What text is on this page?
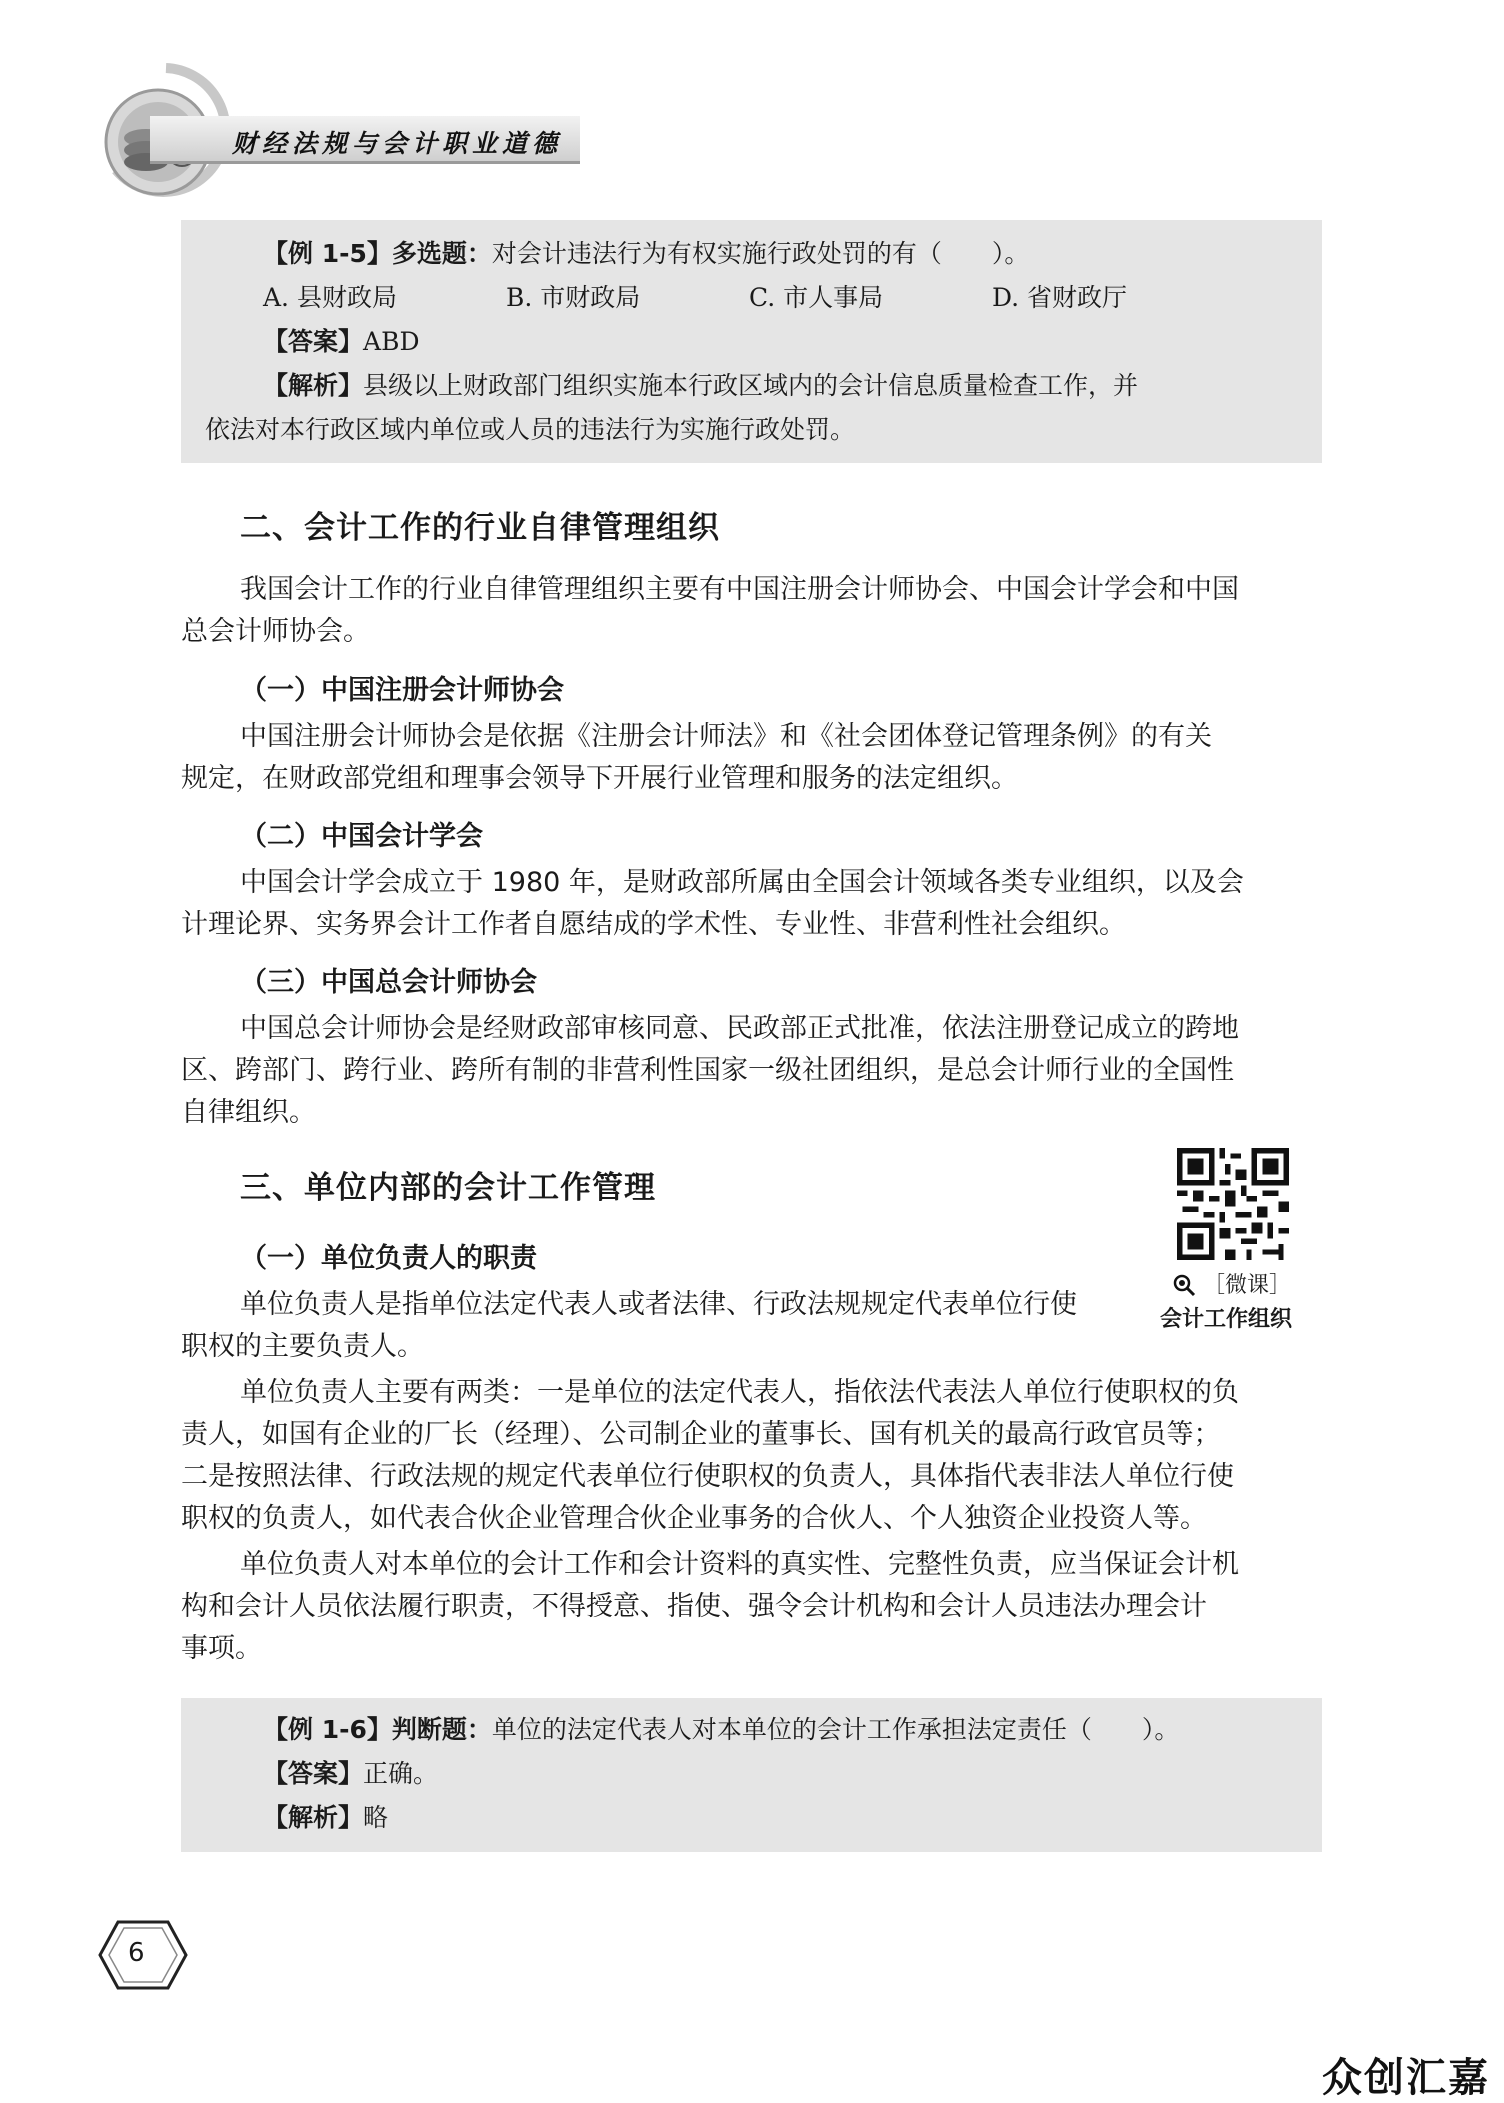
财经法规与会计职业道德
【例 1-5】多选题：对会计违法行为有权实施行政处罚的有（　　）。
A. 县财政局	B. 市财政局	C. 市人事局	D. 省财政厅
【答案】ABD
【解析】县级以上财政部门组织实施本行政区域内的会计信息质量检查工作，并
依法对本行政区域内单位或人员的违法行为实施行政处罚。
二、会计工作的行业自律管理组织
我国会计工作的行业自律管理组织主要有中国注册会计师协会、中国会计学会和中国
总会计师协会。
（一）中国注册会计师协会
中国注册会计师协会是依据《注册会计师法》和《社会团体登记管理条例》的有关
规定，在财政部党组和理事会领导下开展行业管理和服务的法定组织。
（二）中国会计学会
中国会计学会成立于 1980 年，是财政部所属由全国会计领域各类专业组织，以及会
计理论界、实务界会计工作者自愿结成的学术性、专业性、非营利性社会组织。
（三）中国总会计师协会
中国总会计师协会是经财政部审核同意、民政部正式批准，依法注册登记成立的跨地
区、跨部门、跨行业、跨所有制的非营利性国家一级社团组织，是总会计师行业的全国性
自律组织。
三、单位内部的会计工作管理
［微课］
会计工作组织
（一）单位负责人的职责
单位负责人是指单位法定代表人或者法律、行政法规规定代表单位行使
职权的主要负责人。
单位负责人主要有两类：一是单位的法定代表人，指依法代表法人单位行使职权的负
责人，如国有企业的厂长（经理）、公司制企业的董事长、国有机关的最高行政官员等；
二是按照法律、行政法规的规定代表单位行使职权的负责人，具体指代表非法人单位行使
职权的负责人，如代表合伙企业管理合伙企业事务的合伙人、个人独资企业投资人等。
单位负责人对本单位的会计工作和会计资料的真实性、完整性负责，应当保证会计机
构和会计人员依法履行职责，不得授意、指使、强令会计机构和会计人员违法办理会计
事项。
【例 1-6】判断题：单位的法定代表人对本单位的会计工作承担法定责任（　　）。
【答案】正确。
【解析】略
6
众创汇嘉
